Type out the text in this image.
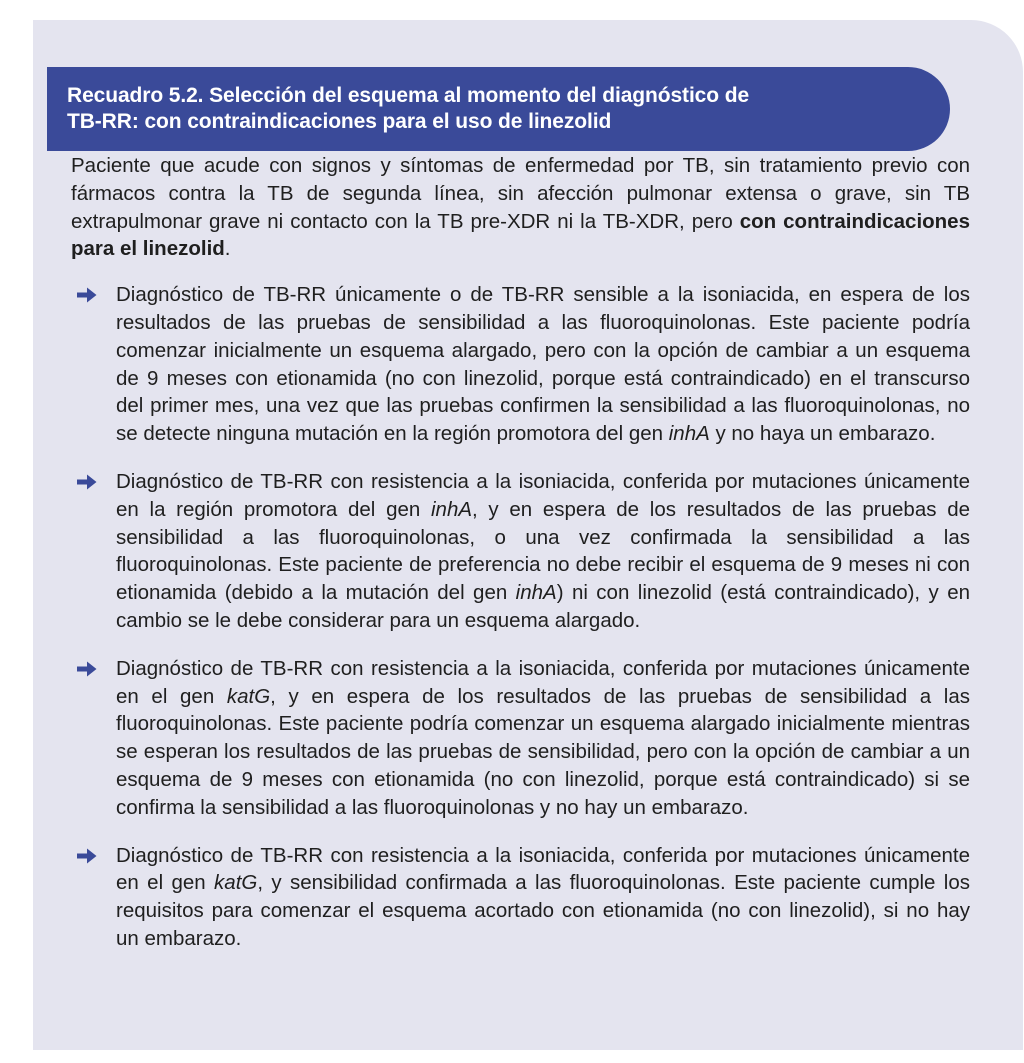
Recuadro 5.2. Selección del esquema al momento del diagnóstico de
TB-RR: con contraindicaciones para el uso de linezolid

Paciente que acude con signos y síntomas de enfermedad por TB, sin tratamiento previo con fármacos contra la TB de segunda línea, sin afección pulmonar extensa o grave, sin TB extrapulmonar grave ni contacto con la TB pre-XDR ni la TB-XDR, pero con contraindicaciones para el linezolid.

Diagnóstico de TB-RR únicamente o de TB-RR sensible a la isoniacida, en espera de los resultados de las pruebas de sensibilidad a las fluoroquinolonas. Este paciente podría comenzar inicialmente un esquema alargado, pero con la opción de cambiar a un esquema de 9 meses con etionamida (no con linezolid, porque está contraindicado) en el transcurso del primer mes, una vez que las pruebas confirmen la sensibilidad a las fluoroquinolonas, no se detecte ninguna mutación en la región promotora del gen inhA y no haya un embarazo.
Diagnóstico de TB-RR con resistencia a la isoniacida, conferida por mutaciones únicamente en la región promotora del gen inhA, y en espera de los resultados de las pruebas de sensibilidad a las fluoroquinolonas, o una vez confirmada la sensibilidad a las fluoroquinolonas. Este paciente de preferencia no debe recibir el esquema de 9 meses ni con etionamida (debido a la mutación del gen inhA) ni con linezolid (está contraindicado), y en cambio se le debe considerar para un esquema alargado.
Diagnóstico de TB-RR con resistencia a la isoniacida, conferida por mutaciones únicamente en el gen katG, y en espera de los resultados de las pruebas de sensibilidad a las fluoroquinolonas. Este paciente podría comenzar un esquema alargado inicialmente mientras se esperan los resultados de las pruebas de sensibilidad, pero con la opción de cambiar a un esquema de 9 meses con etionamida (no con linezolid, porque está contraindicado) si se confirma la sensibilidad a las fluoroquinolonas y no hay un embarazo.
Diagnóstico de TB-RR con resistencia a la isoniacida, conferida por mutaciones únicamente en el gen katG, y sensibilidad confirmada a las fluoroquinolonas. Este paciente cumple los requisitos para comenzar el esquema acortado con etionamida (no con linezolid), si no hay un embarazo.
